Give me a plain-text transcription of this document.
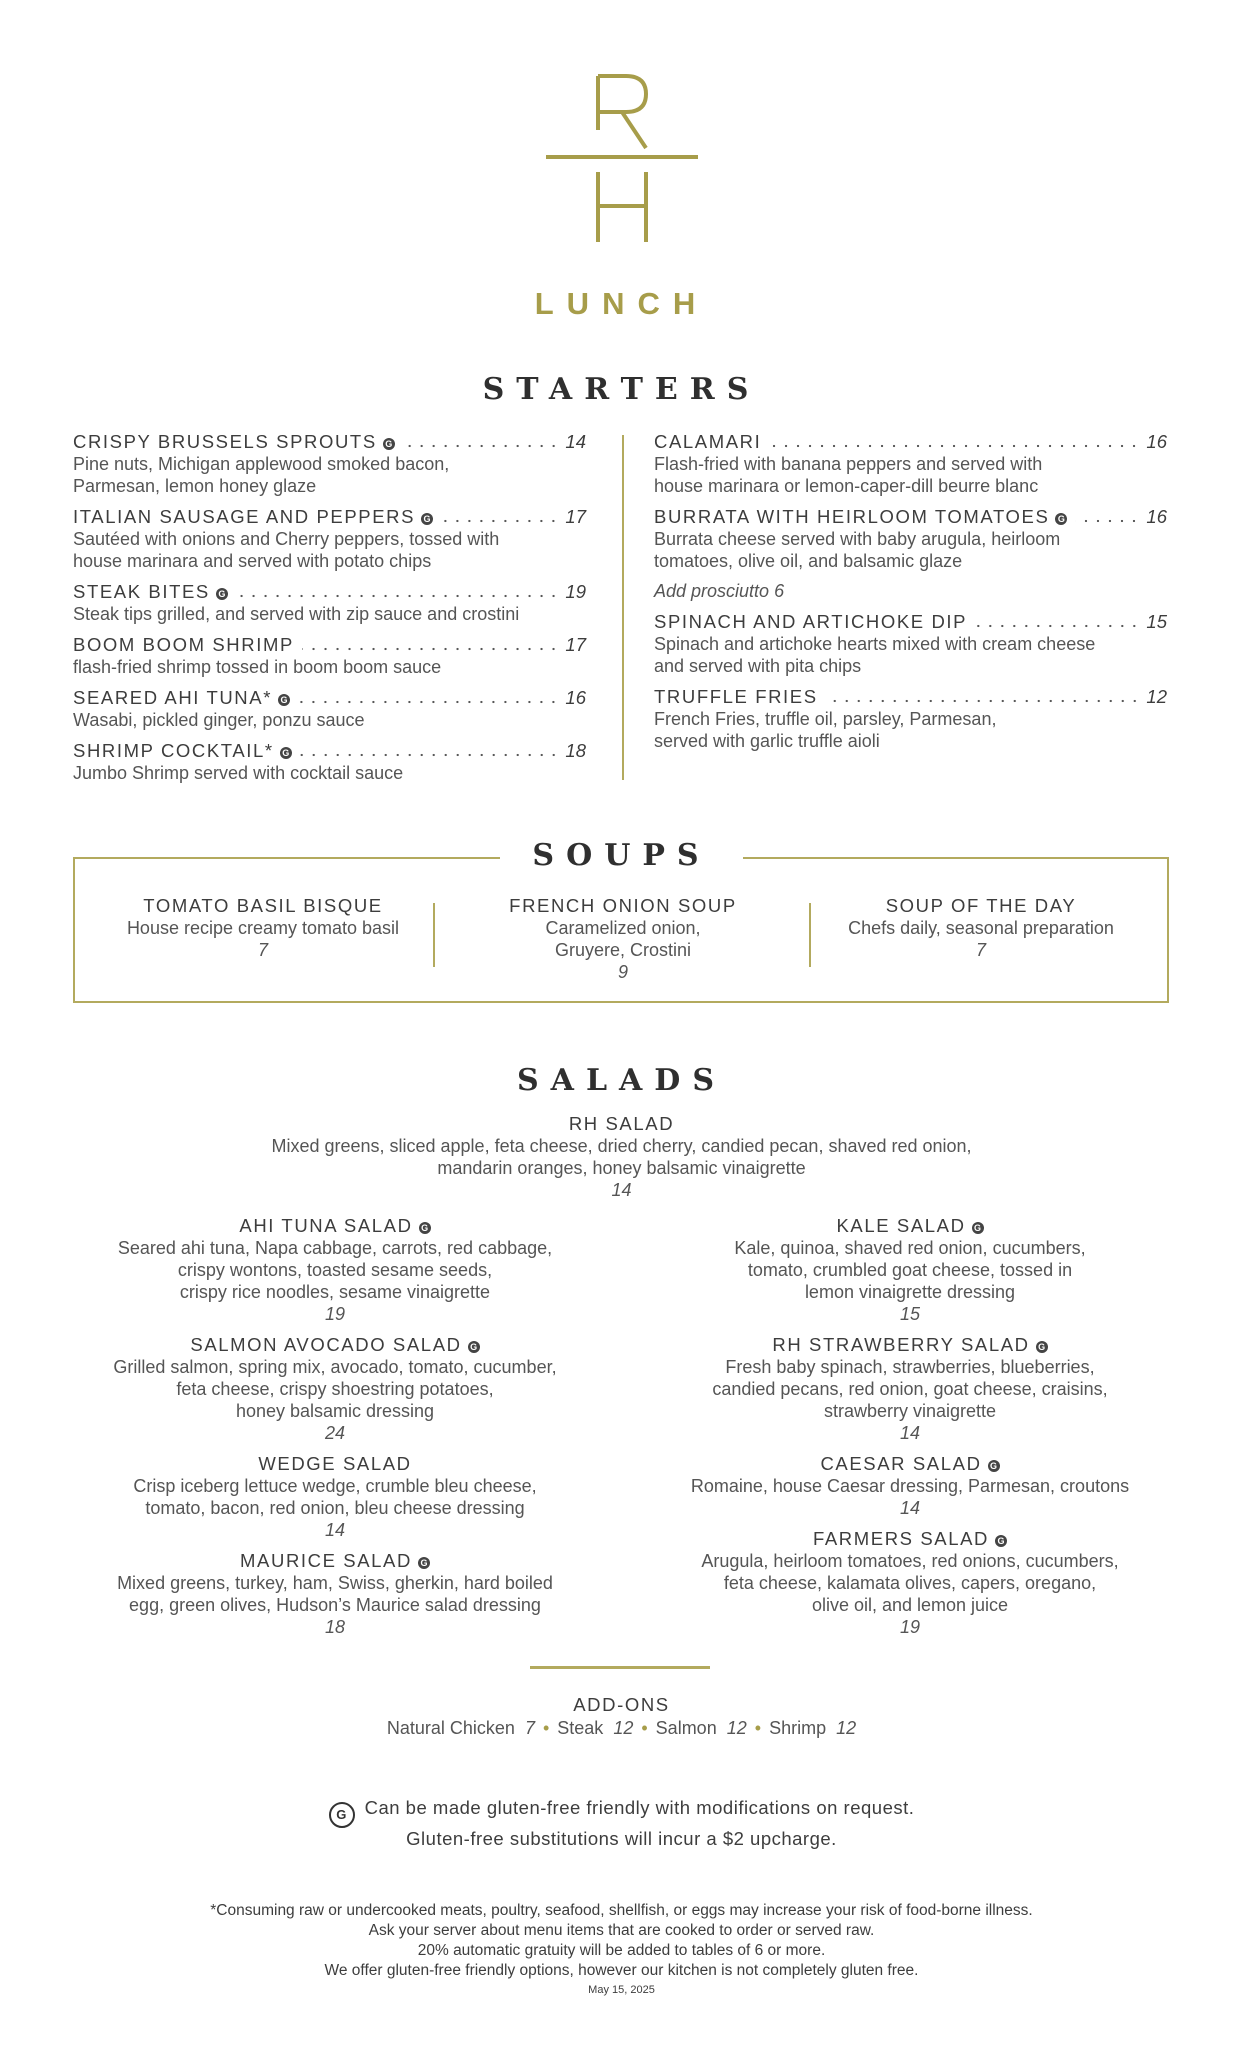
LUNCH
STARTERS
CRISPY BRUSSELS SPROUTS G	14
Pine nuts, Michigan applewood smoked bacon,
Parmesan, lemon honey glaze
ITALIAN SAUSAGE AND PEPPERS G	17
Sautéed with onions and Cherry peppers, tossed with
house marinara and served with potato chips
STEAK BITES G	19
Steak tips grilled, and served with zip sauce and crostini
BOOM BOOM SHRIMP	17
flash-fried shrimp tossed in boom boom sauce
SEARED AHI TUNA* G	16
Wasabi, pickled ginger, ponzu sauce
SHRIMP COCKTAIL* G	18
Jumbo Shrimp served with cocktail sauce
CALAMARI	16
Flash-fried with banana peppers and served with
house marinara or lemon-caper-dill beurre blanc
BURRATA WITH HEIRLOOM TOMATOES G	16
Burrata cheese served with baby arugula, heirloom
tomatoes, olive oil, and balsamic glaze
Add prosciutto 6
SPINACH AND ARTICHOKE DIP	15
Spinach and artichoke hearts mixed with cream cheese
and served with pita chips
TRUFFLE FRIES	12
French Fries, truffle oil, parsley, Parmesan,
served with garlic truffle aioli
SOUPS
TOMATO BASIL BISQUE
House recipe creamy tomato basil
7
FRENCH ONION SOUP
Caramelized onion,
Gruyere, Crostini
9
SOUP OF THE DAY
Chefs daily, seasonal preparation
7
SALADS
RH SALAD
Mixed greens, sliced apple, feta cheese, dried cherry, candied pecan, shaved red onion,
mandarin oranges, honey balsamic vinaigrette
14
AHI TUNA SALAD G
Seared ahi tuna, Napa cabbage, carrots, red cabbage,
crispy wontons, toasted sesame seeds,
crispy rice noodles, sesame vinaigrette
19
SALMON AVOCADO SALAD G
Grilled salmon, spring mix, avocado, tomato, cucumber,
feta cheese, crispy shoestring potatoes,
honey balsamic dressing
24
WEDGE SALAD
Crisp iceberg lettuce wedge, crumble bleu cheese,
tomato, bacon, red onion, bleu cheese dressing
14
MAURICE SALAD G
Mixed greens, turkey, ham, Swiss, gherkin, hard boiled
egg, green olives, Hudson’s Maurice salad dressing
18
KALE SALAD G
Kale, quinoa, shaved red onion, cucumbers,
tomato, crumbled goat cheese, tossed in
lemon vinaigrette dressing
15
RH STRAWBERRY SALAD G
Fresh baby spinach, strawberries, blueberries,
candied pecans, red onion, goat cheese, craisins,
strawberry vinaigrette
14
CAESAR SALAD G
Romaine, house Caesar dressing, Parmesan, croutons
14
FARMERS SALAD G
Arugula, heirloom tomatoes, red onions, cucumbers,
feta cheese, kalamata olives, capers, oregano,
olive oil, and lemon juice
19
ADD-ONS
Natural Chicken 7 • Steak 12 • Salmon 12 • Shrimp 12
G Can be made gluten-free friendly with modifications on request.
Gluten-free substitutions will incur a $2 upcharge.
*Consuming raw or undercooked meats, poultry, seafood, shellfish, or eggs may increase your risk of food-borne illness.
Ask your server about menu items that are cooked to order or served raw.
20% automatic gratuity will be added to tables of 6 or more.
We offer gluten-free friendly options, however our kitchen is not completely gluten free.
May 15, 2025
